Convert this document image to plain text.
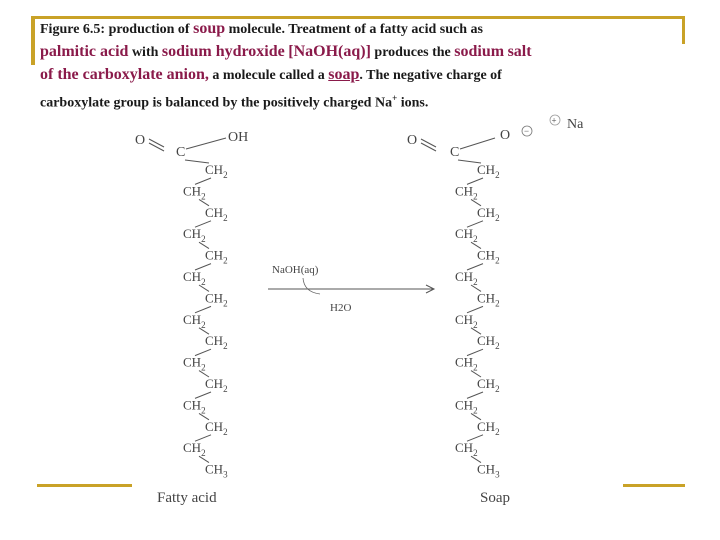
Figure 6.5: production of soup molecule. Treatment of a fatty acid such as
palmitic acid with sodium hydroxide [NaOH(aq)] produces the sodium salt
of the carboxylate anion, a molecule called a soap. The negative charge of
carboxylate group is balanced by the positively charged Na+ ions.
O
C
OH
$CH_2$
$CH_2$
$CH_2$
$CH_2$
$CH_2$
$CH_2$
$CH_2$
$CH_2$
$CH_2$
$CH_2$
$CH_2$
$CH_2$
$CH_2$
$CH_2$
$CH_3$
O
C
O −
+ Na
$CH_2$
$CH_2$
$CH_2$
$CH_2$
$CH_2$
$CH_2$
$CH_2$
$CH_2$
$CH_2$
$CH_2$
$CH_2$
$CH_2$
$CH_2$
$CH_2$
$CH_3$
NaOH(aq)
H2O
Fatty acid	Soap
